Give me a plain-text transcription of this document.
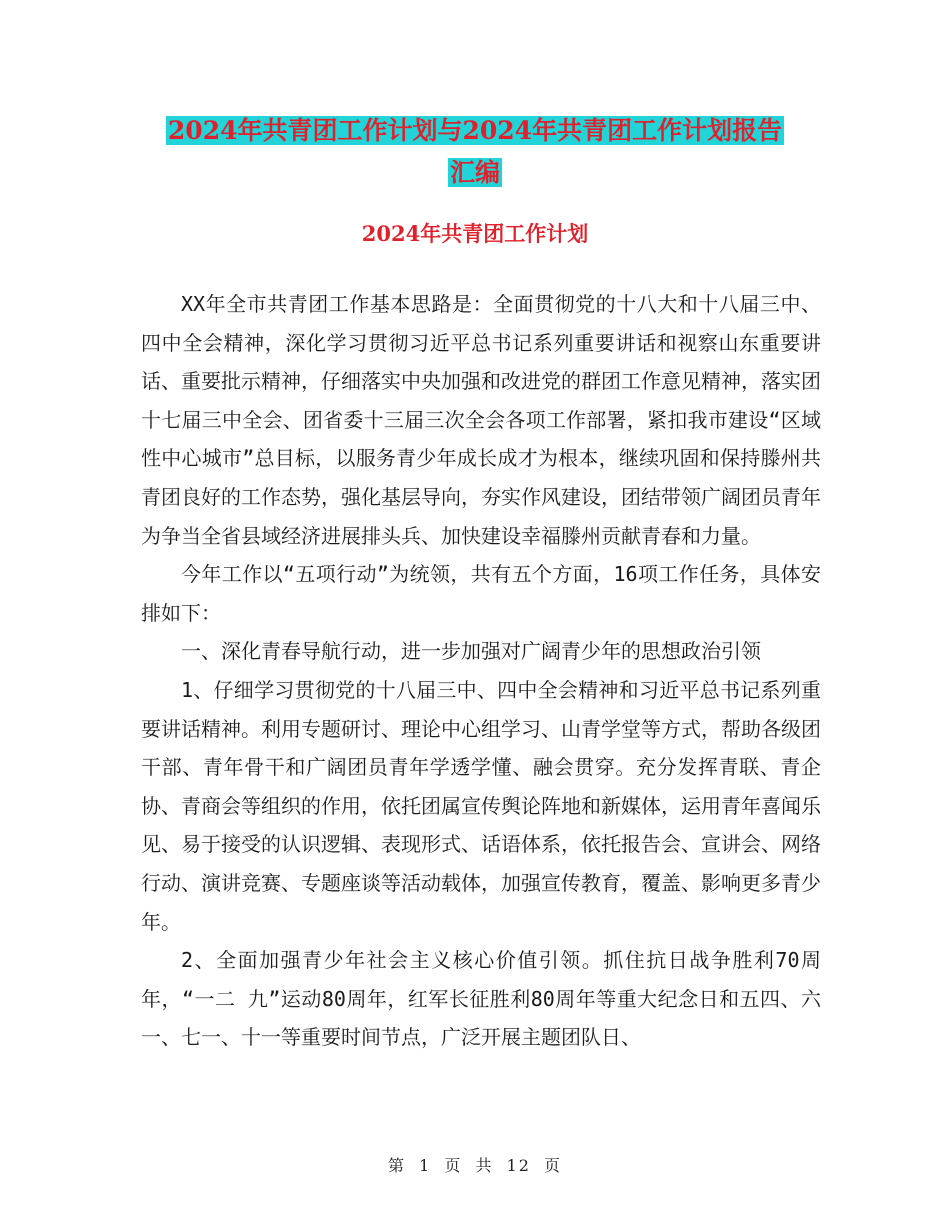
2024年共青团工作计划与2024年共青团工作计划报告
汇编
2024年共青团工作计划

XX年全市共青团工作基本思路是：全面贯彻党的十八大和十八届三中、四中全会精神，深化学习贯彻习近平总书记系列重要讲话和视察山东重要讲话、重要批示精神，仔细落实中央加强和改进党的群团工作意见精神，落实团十七届三中全会、团省委十三届三次全会各项工作部署，紧扣我市建设“区域性中心城市”总目标，以服务青少年成长成才为根本，继续巩固和保持滕州共青团良好的工作态势，强化基层导向，夯实作风建设，团结带领广阔团员青年为争当全省县域经济进展排头兵、加快建设幸福滕州贡献青春和力量。

今年工作以“五项行动”为统领，共有五个方面，16项工作任务，具体安排如下：

一、深化青春导航行动，进一步加强对广阔青少年的思想政治引领

1、仔细学习贯彻党的十八届三中、四中全会精神和习近平总书记系列重要讲话精神。利用专题研讨、理论中心组学习、山青学堂等方式，帮助各级团干部、青年骨干和广阔团员青年学透学懂、融会贯穿。充分发挥青联、青企协、青商会等组织的作用，依托团属宣传舆论阵地和新媒体，运用青年喜闻乐见、易于接受的认识逻辑、表现形式、话语体系，依托报告会、宣讲会、网络行动、演讲竞赛、专题座谈等活动载体，加强宣传教育，覆盖、影响更多青少年。

2、全面加强青少年社会主义核心价值引领。抓住抗日战争胜利70周年，“一二 九”运动80周年，红军长征胜利80周年等重大纪念日和五四、六一、七一、十一等重要时间节点，广泛开展主题团队日、

第 1 页 共 12 页
